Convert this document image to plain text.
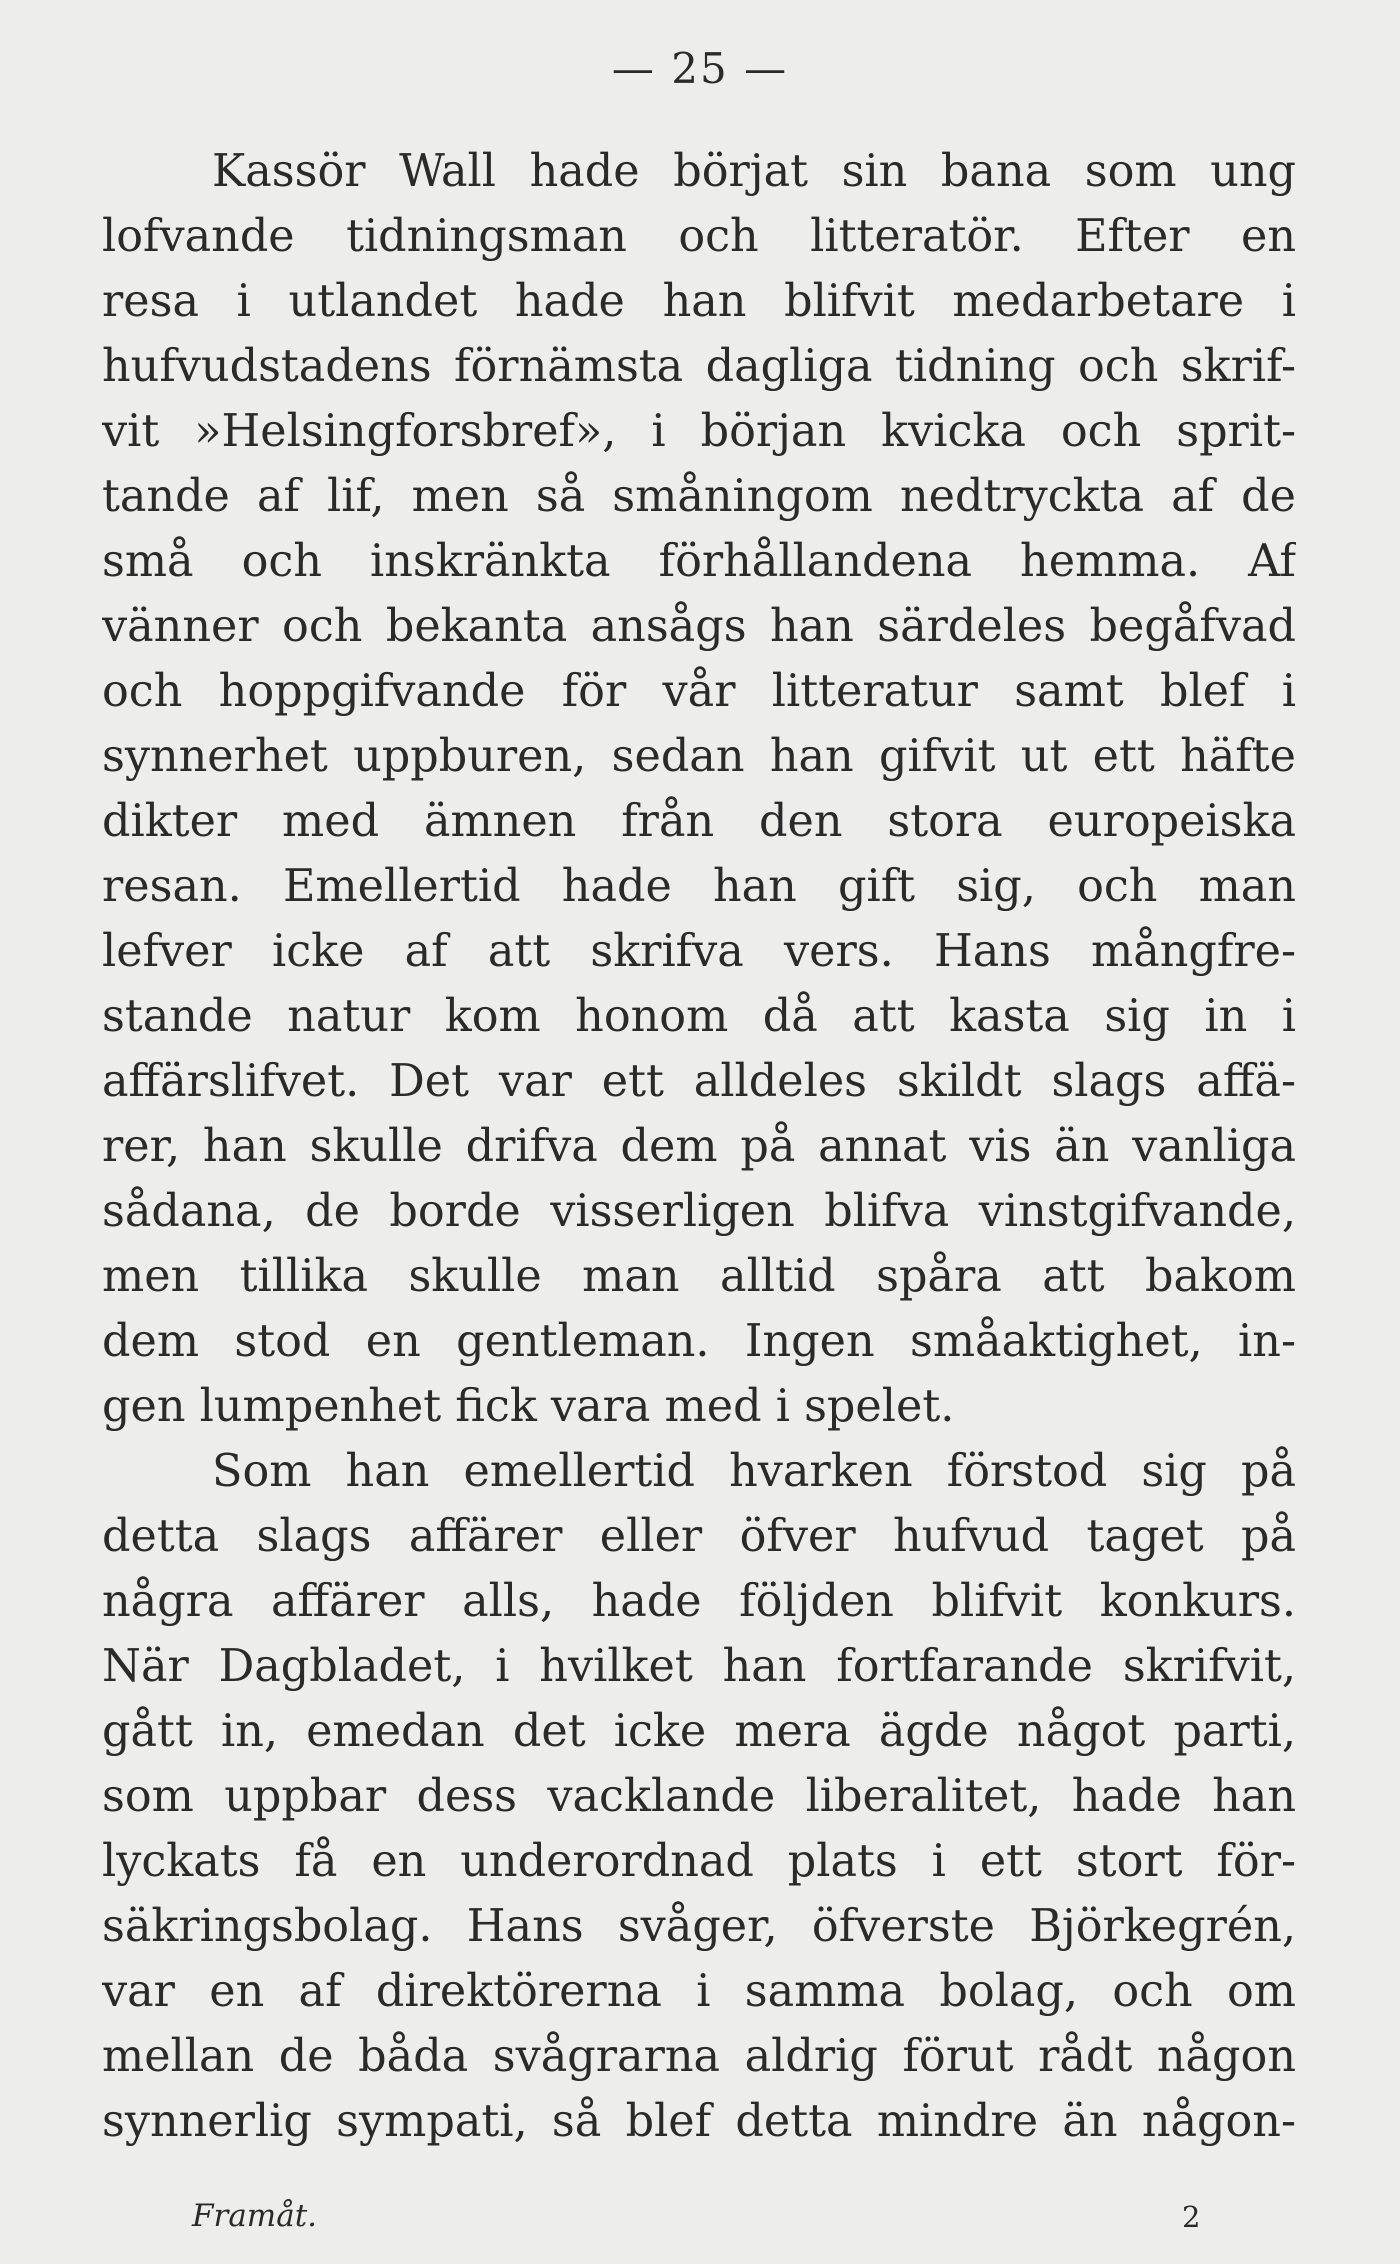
— 25 —
Kassör Wall hade börjat sin bana som ung
lofvande tidningsman och litteratör. Efter en
resa i utlandet hade han blifvit medarbetare i
hufvudstadens förnämsta dagliga tidning och skrif-
vit »Helsingforsbref», i början kvicka och sprit-
tande af lif, men så småningom nedtryckta af de
små och inskränkta förhållandena hemma. Af
vänner och bekanta ansågs han särdeles begåfvad
och hoppgifvande för vår litteratur samt blef i
synnerhet uppburen, sedan han gifvit ut ett häfte
dikter med ämnen från den stora europeiska
resan. Emellertid hade han gift sig, och man
lefver icke af att skrifva vers. Hans mångfre-
stande natur kom honom då att kasta sig in i
affärslifvet. Det var ett alldeles skildt slags affä-
rer, han skulle drifva dem på annat vis än vanliga
sådana, de borde visserligen blifva vinstgifvande,
men tillika skulle man alltid spåra att bakom
dem stod en gentleman. Ingen småaktighet, in-
gen lumpenhet fick vara med i spelet.
Som han emellertid hvarken förstod sig på
detta slags affärer eller öfver hufvud taget på
några affärer alls, hade följden blifvit konkurs.
När Dagbladet, i hvilket han fortfarande skrifvit,
gått in, emedan det icke mera ägde något parti,
som uppbar dess vacklande liberalitet, hade han
lyckats få en underordnad plats i ett stort för-
säkringsbolag. Hans svåger, öfverste Björkegrén,
var en af direktörerna i samma bolag, och om
mellan de båda svågrarna aldrig förut rådt någon
synnerlig sympati, så blef detta mindre än någon-
Framåt.	2
